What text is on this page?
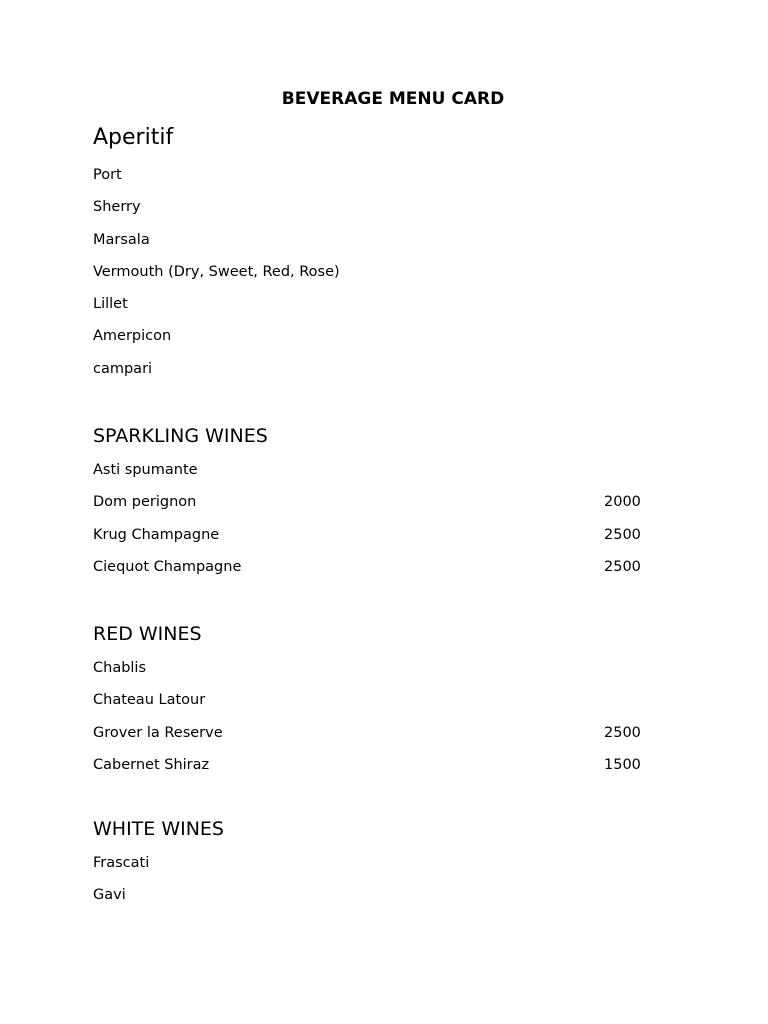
BEVERAGE MENU CARD
Aperitif
Port
Sherry
Marsala
Vermouth (Dry, Sweet, Red, Rose)
Lillet
Amerpicon
campari
SPARKLING WINES
Asti spumante
Dom perignon	2000
Krug Champagne	2500
Ciequot Champagne	2500
RED WINES
Chablis
Chateau Latour
Grover la Reserve	2500
Cabernet Shiraz	1500
WHITE WINES
Frascati
Gavi
